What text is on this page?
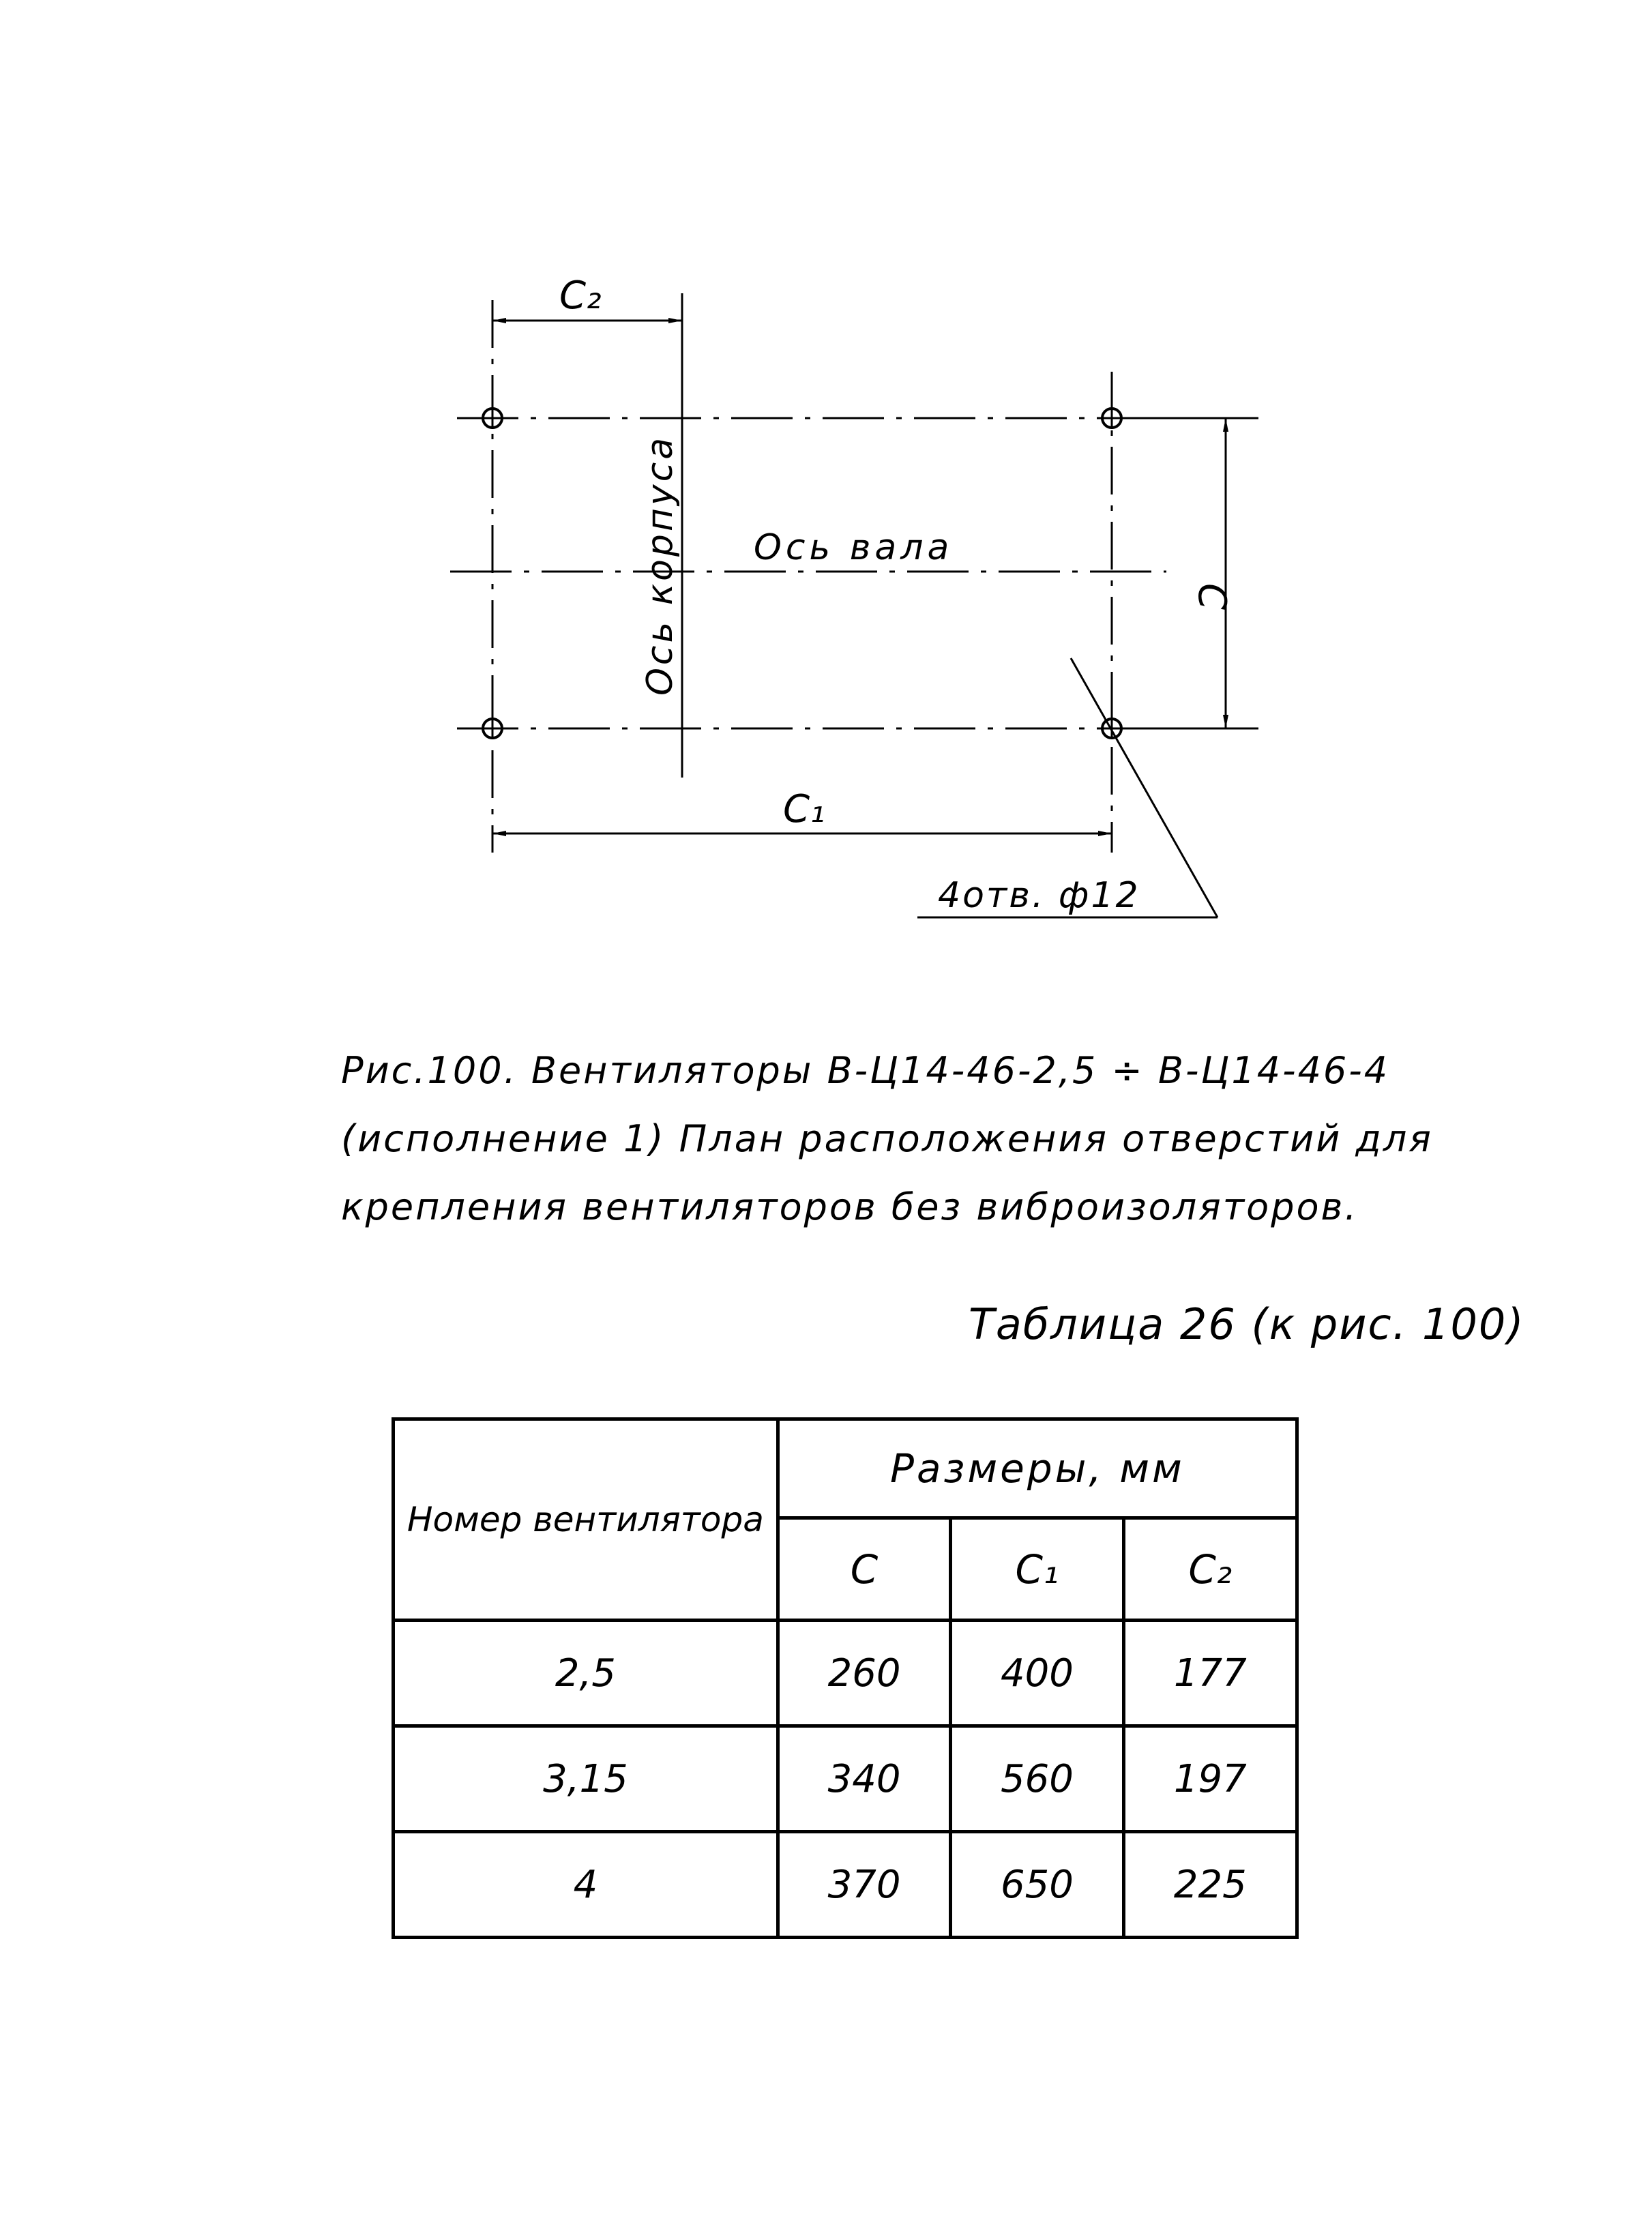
C₂
C
C₁
Ось вала
Ось корпуса
4отв. ф12
Рис.100. Вентиляторы В-Ц14-46-2,5 ÷ В-Ц14-46-4
(исполнение 1) План расположения отверстий для
крепления вентиляторов без виброизоляторов.
Таблица 26 (к рис. 100)
Номер вентилятора	Размеры, мм		
	C	C₁	C₂
2,5	260	400	177
3,15	340	560	197
4	370	650	225
